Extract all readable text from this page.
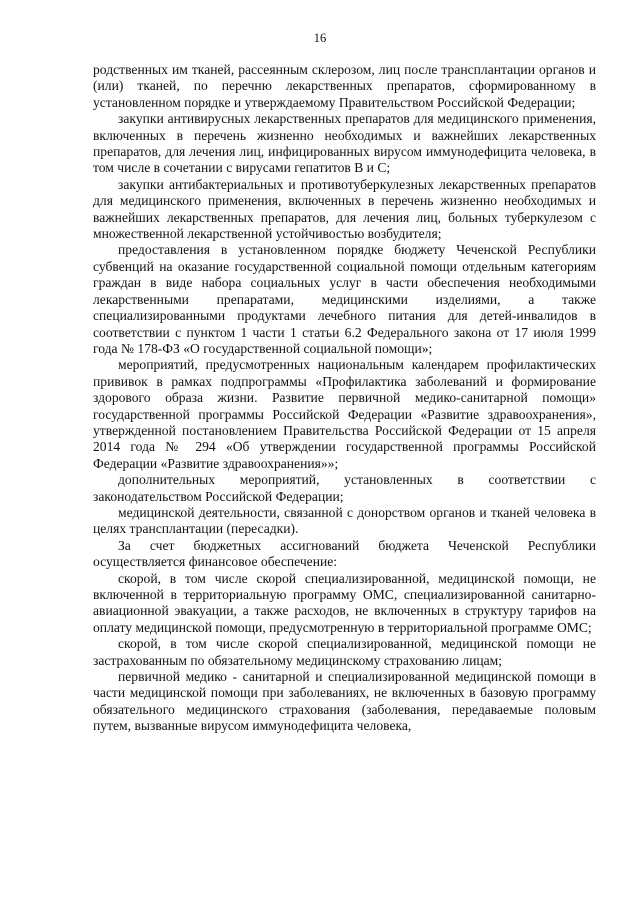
16

родственных им тканей, рассеянным склерозом, лиц после трансплантации органов и (или) тканей, по перечню лекарственных препаратов, сформированному в установленном порядке и утверждаемому Правительством Российской Федерации;

закупки антивирусных лекарственных препаратов для медицинского применения, включенных в перечень жизненно необходимых и важнейших лекарственных препаратов, для лечения лиц, инфицированных вирусом иммунодефицита человека, в том числе в сочетании с вирусами гепатитов В и С;

закупки антибактериальных и противотуберкулезных лекарственных препаратов для медицинского применения, включенных в перечень жизненно необходимых и важнейших лекарственных препаратов, для лечения лиц, больных туберкулезом с множественной лекарственной устойчивостью возбудителя;

предоставления в установленном порядке бюджету Чеченской Республики субвенций на оказание государственной социальной помощи отдельным категориям граждан в виде набора социальных услуг в части обеспечения необходимыми лекарственными препаратами, медицинскими изделиями, а также специализированными продуктами лечебного питания для детей-инвалидов в соответствии с пунктом 1 части 1 статьи 6.2 Федерального закона от 17 июля 1999 года № 178-ФЗ «О государственной социальной помощи»;

мероприятий, предусмотренных национальным календарем профилактических прививок в рамках подпрограммы «Профилактика заболеваний и формирование здорового образа жизни. Развитие первичной медико-санитарной помощи» государственной программы Российской Федерации «Развитие здравоохранения», утвержденной постановлением Правительства Российской Федерации от 15 апреля 2014 года № 294 «Об утверждении государственной программы Российской Федерации «Развитие здравоохранения»»;

дополнительных мероприятий, установленных в соответствии с законодательством Российской Федерации;

медицинской деятельности, связанной с донорством органов и тканей человека в целях трансплантации (пересадки).

За счет бюджетных ассигнований бюджета Чеченской Республики осуществляется финансовое обеспечение:

скорой, в том числе скорой специализированной, медицинской помощи, не включенной в территориальную программу ОМС, специализированной санитарно-авиационной эвакуации, а также расходов, не включенных в структуру тарифов на оплату медицинской помощи, предусмотренную в территориальной программе ОМС;

скорой, в том числе скорой специализированной, медицинской помощи не застрахованным по обязательному медицинскому страхованию лицам;

первичной медико - санитарной и специализированной медицинской помощи в части медицинской помощи при заболеваниях, не включенных в базовую программу обязательного медицинского страхования (заболевания, передаваемые половым путем, вызванные вирусом иммунодефицита человека,
